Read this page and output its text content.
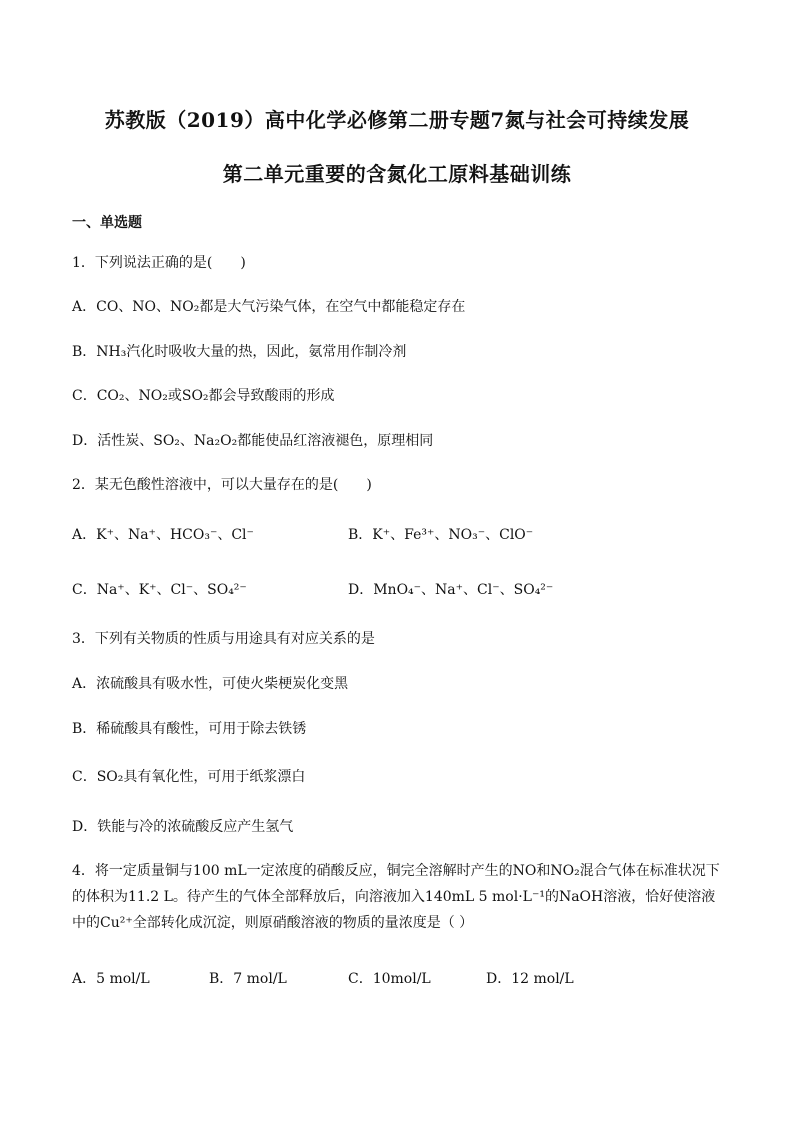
苏教版（2019）高中化学必修第二册专题7氮与社会可持续发展
第二单元重要的含氮化工原料基础训练
一、单选题
1．下列说法正确的是(　　)
A．CO、NO、NO₂都是大气污染气体，在空气中都能稳定存在
B．NH₃汽化时吸收大量的热，因此，氨常用作制冷剂
C．CO₂、NO₂或SO₂都会导致酸雨的形成
D．活性炭、SO₂、Na₂O₂都能使品红溶液褪色，原理相同
2．某无色酸性溶液中，可以大量存在的是(　　)
A．K⁺、Na⁺、HCO₃⁻、Cl⁻	B．K⁺、Fe³⁺、NO₃⁻、ClO⁻
C．Na⁺、K⁺、Cl⁻、SO₄²⁻	D．MnO₄⁻、Na⁺、Cl⁻、SO₄²⁻
3．下列有关物质的性质与用途具有对应关系的是
A．浓硫酸具有吸水性，可使火柴梗炭化变黑
B．稀硫酸具有酸性，可用于除去铁锈
C．SO₂具有氧化性，可用于纸浆漂白
D．铁能与冷的浓硫酸反应产生氢气
4．将一定质量铜与100 mL一定浓度的硝酸反应，铜完全溶解时产生的NO和NO₂混合气体在标准状况下的体积为11.2 L。待产生的气体全部释放后，向溶液加入140mL 5 mol·L⁻¹的NaOH溶液，恰好使溶液中的Cu²⁺全部转化成沉淀，则原硝酸溶液的物质的量浓度是（ ）
A．5 mol/L	B．7 mol/L	C．10mol/L	D．12 mol/L
